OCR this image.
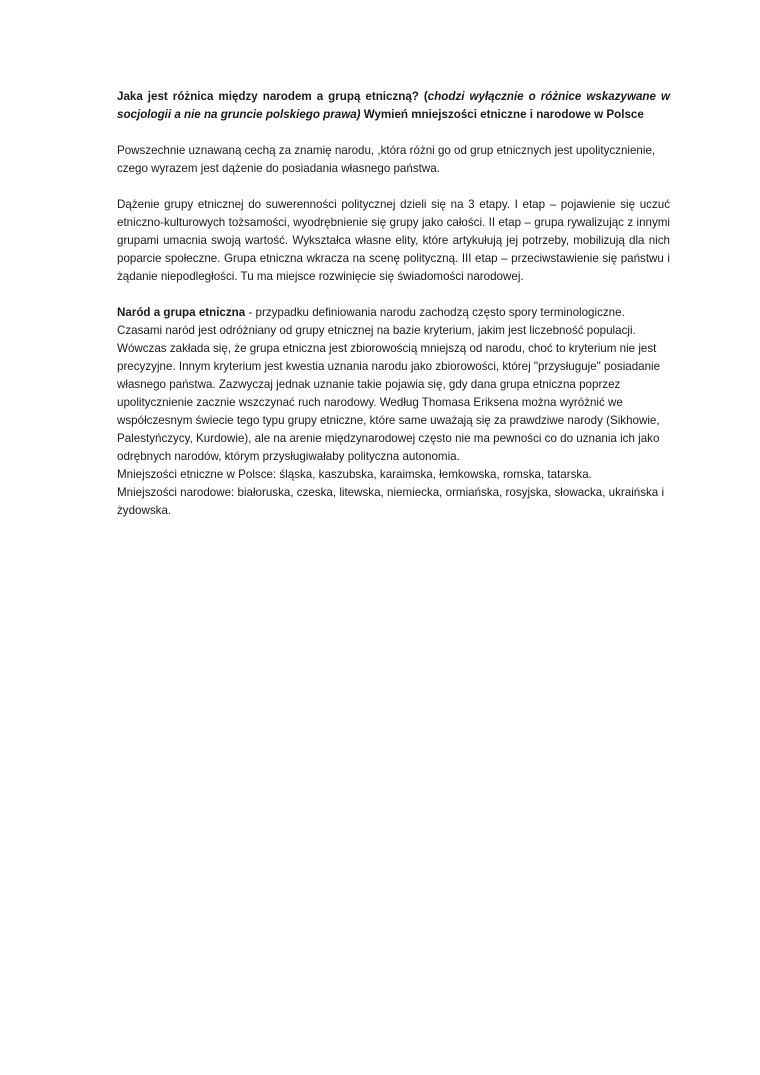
Jaka jest różnica między narodem a grupą etniczną? (chodzi wyłącznie o różnice wskazywane w socjologii a nie na gruncie polskiego prawa) Wymień mniejszości etniczne i narodowe w Polsce

Powszechnie uznawaną cechą za znamię narodu, ,która różni go od grup etnicznych jest upolitycznienie, czego wyrazem jest dążenie do posiadania własnego państwa.

Dążenie grupy etnicznej do suwerenności politycznej dzieli się na 3 etapy. I etap – pojawienie się uczuć etniczno-kulturowych tożsamości, wyodrębnienie się grupy jako całości. II etap – grupa rywalizując z innymi grupami umacnia swoją wartość. Wykształca własne elity, które artykułują jej potrzeby, mobilizują dla nich poparcie społeczne. Grupa etniczna wkracza na scenę polityczną. III etap – przeciwstawienie się państwu i żądanie niepodległości. Tu ma miejsce rozwinięcie się świadomości narodowej.

Naród a grupa etniczna - przypadku definiowania narodu zachodzą często spory terminologiczne. Czasami naród jest odróżniany od grupy etnicznej na bazie kryterium, jakim jest liczebność populacji. Wówczas zakłada się, że grupa etniczna jest zbiorowością mniejszą od narodu, choć to kryterium nie jest precyzyjne. Innym kryterium jest kwestia uznania narodu jako zbiorowości, której "przysługuje" posiadanie własnego państwa. Zazwyczaj jednak uznanie takie pojawia się, gdy dana grupa etniczna poprzez upolitycznienie zacznie wszczynać ruch narodowy. Według Thomasa Eriksena można wyróżnić we współczesnym świecie tego typu grupy etniczne, które same uważają się za prawdziwe narody (Sikhowie, Palestyńczycy, Kurdowie), ale na arenie międzynarodowej często nie ma pewności co do uznania ich jako odrębnych narodów, którym przysługiwałaby polityczna autonomia.
Mniejszości etniczne w Polsce: śląska, kaszubska, karaimska, łemkowska, romska, tatarska.
Mniejszości narodowe: białoruska, czeska, litewska, niemiecka, ormiańska, rosyjska, słowacka, ukraińska i żydowska.
